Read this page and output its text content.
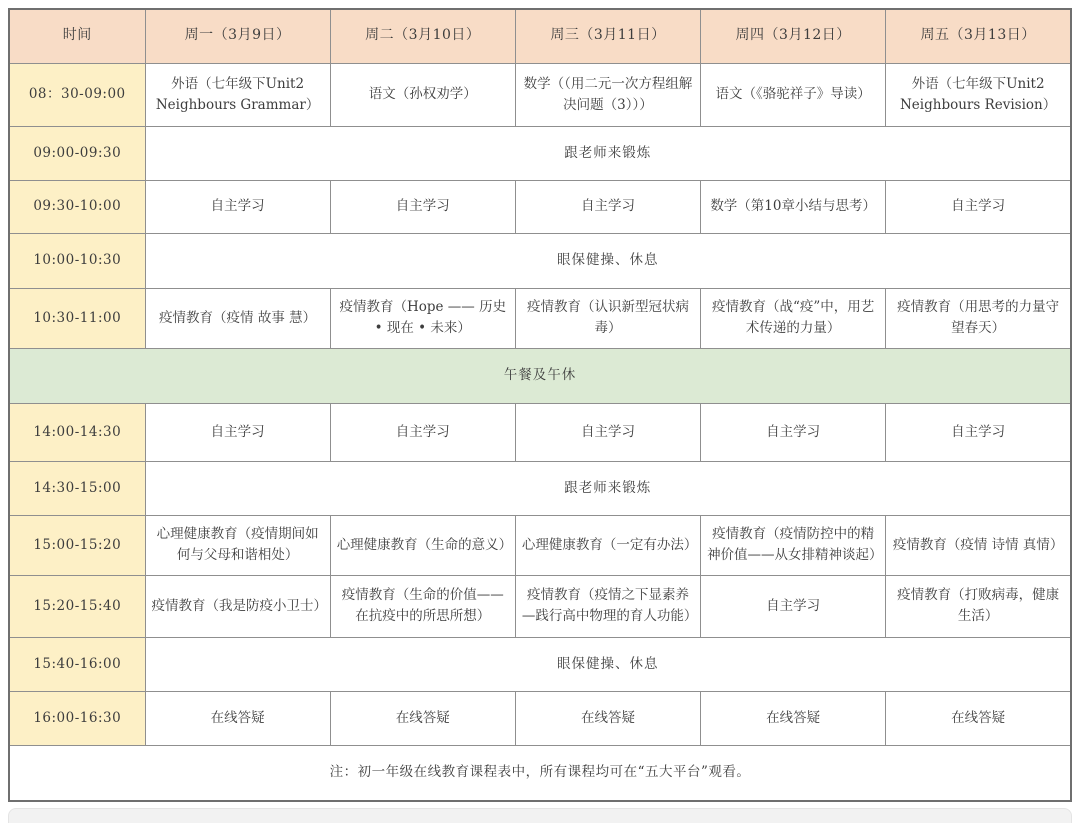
时间	周一（3月9日）	周二（3月10日）	周三（3月11日）	周四（3月12日）	周五（3月13日）
08：30-09:00	外语（七年级下Unit2 Neighbours Grammar）	语文（孙权劝学）	数学（（用二元一次方程组解决问题（3）））	语文（《骆驼祥子》导读）	外语（七年级下Unit2 Neighbours Revision）
09:00-09:30	跟老师来锻炼				
09:30-10:00	自主学习	自主学习	自主学习	数学（第10章小结与思考）	自主学习
10:00-10:30	眼保健操、休息				
10:30-11:00	疫情教育（疫情 故事 慧）	疫情教育（Hope —— 历史 • 现在 • 未来）	疫情教育（认识新型冠状病毒）	疫情教育（战“疫”中，用艺术传递的力量）	疫情教育（用思考的力量守望春天）
午餐及午休					
14:00-14:30	自主学习	自主学习	自主学习	自主学习	自主学习
14:30-15:00	跟老师来锻炼				
15:00-15:20	心理健康教育（疫情期间如何与父母和谐相处）	心理健康教育（生命的意义）	心理健康教育（一定有办法）	疫情教育（疫情防控中的精神价值——从女排精神谈起）	疫情教育（疫情 诗情 真情）
15:20-15:40	疫情教育（我是防疫小卫士）	疫情教育（生命的价值——在抗疫中的所思所想）	疫情教育（疫情之下显素养—践行高中物理的育人功能）	自主学习	疫情教育（打败病毒，健康生活）
15:40-16:00	眼保健操、休息				
16:00-16:30	在线答疑	在线答疑	在线答疑	在线答疑	在线答疑
注：初一年级在线教育课程表中，所有课程均可在“五大平台”观看。					
